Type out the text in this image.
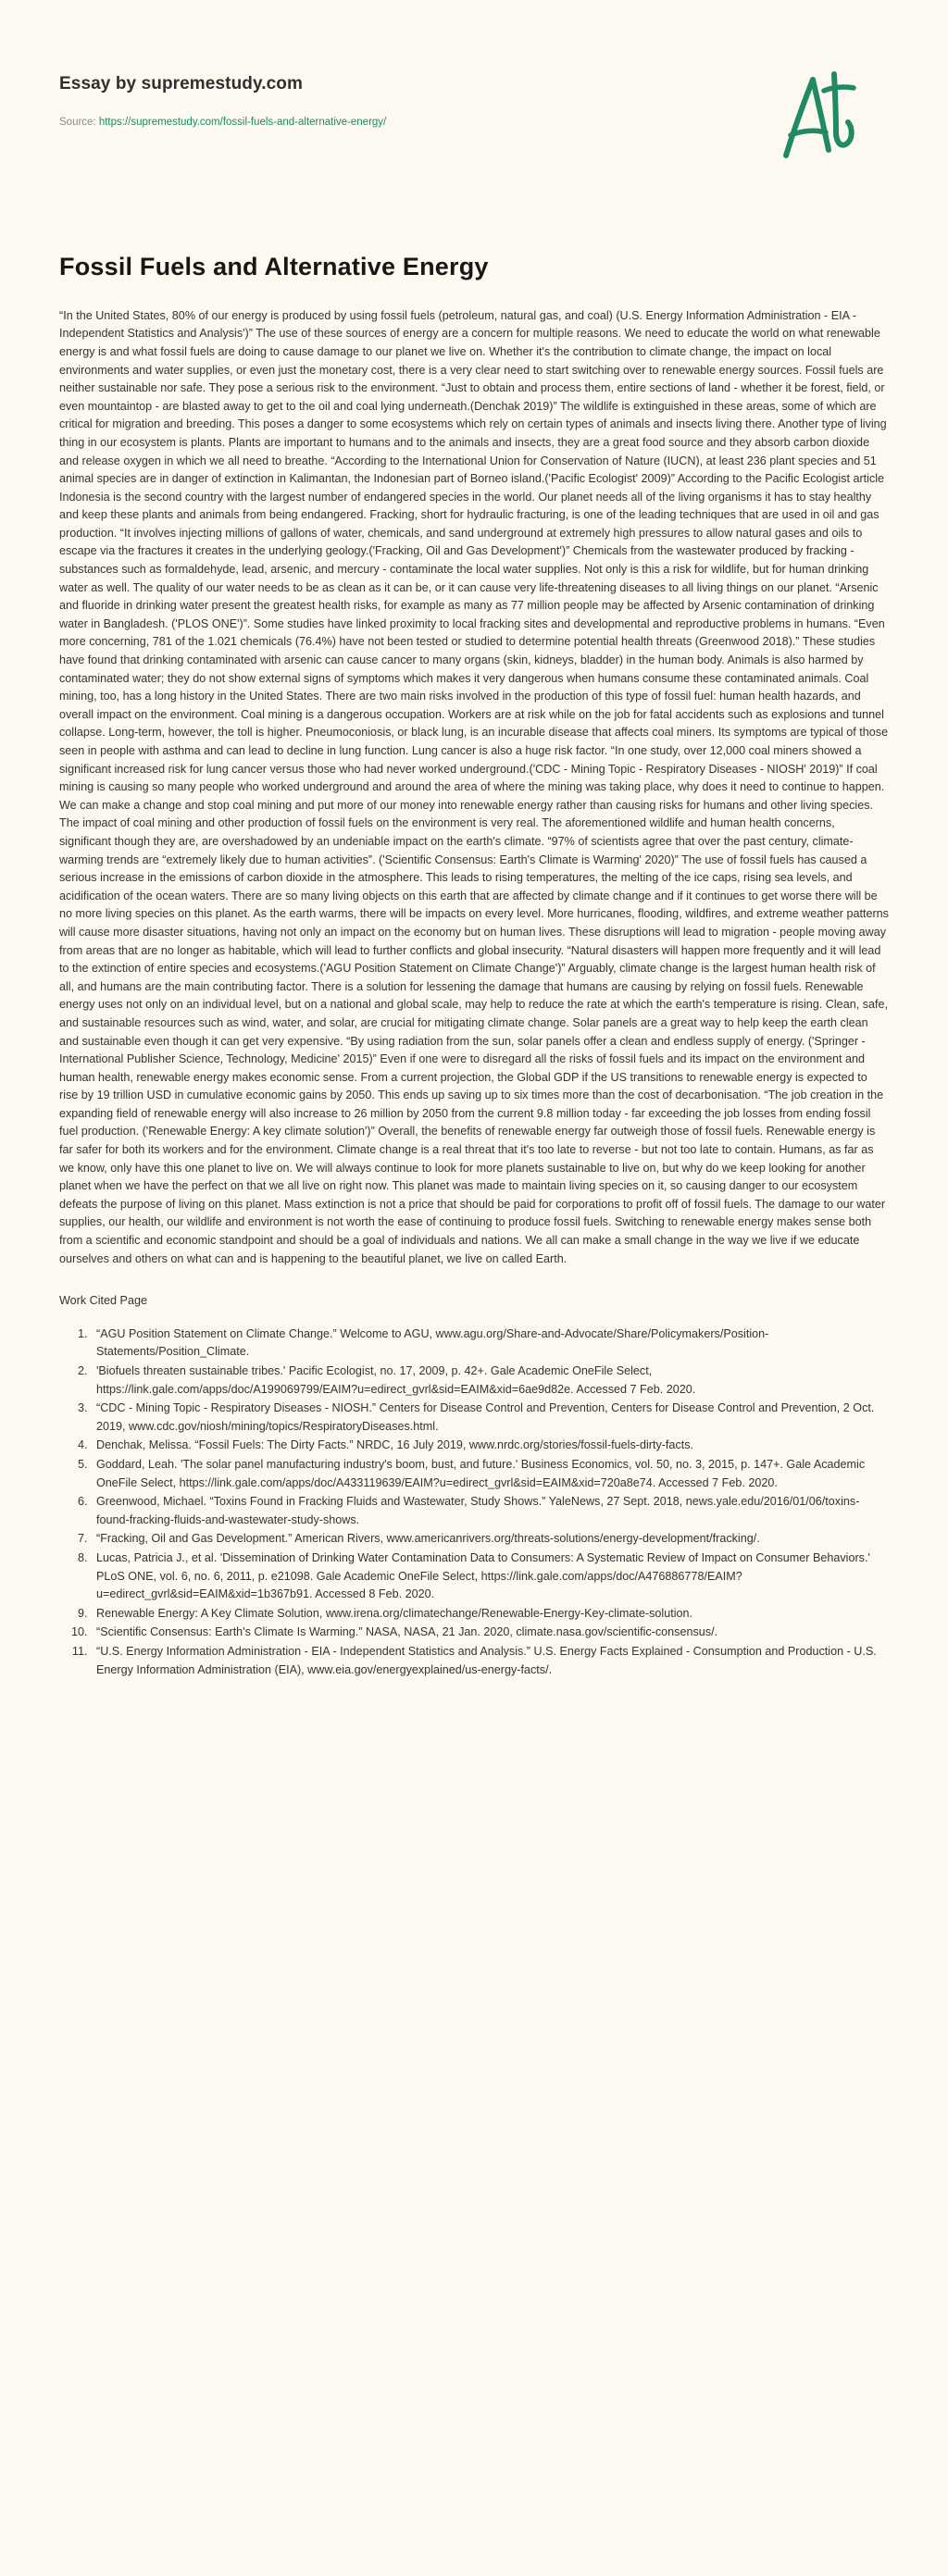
Essay by supremestudy.com
Source: https://supremestudy.com/fossil-fuels-and-alternative-energy/
Fossil Fuels and Alternative Energy

“In the United States, 80% of our energy is produced by using fossil fuels (petroleum, natural gas, and coal) (U.S. Energy Information Administration - EIA - Independent Statistics and Analysis')” The use of these sources of energy are a concern for multiple reasons. We need to educate the world on what renewable energy is and what fossil fuels are doing to cause damage to our planet we live on. Whether it's the contribution to climate change, the impact on local environments and water supplies, or even just the monetary cost, there is a very clear need to start switching over to renewable energy sources. Fossil fuels are neither sustainable nor safe. They pose a serious risk to the environment. “Just to obtain and process them, entire sections of land - whether it be forest, field, or even mountaintop - are blasted away to get to the oil and coal lying underneath.(Denchak 2019)” The wildlife is extinguished in these areas, some of which are critical for migration and breeding. This poses a danger to some ecosystems which rely on certain types of animals and insects living there. Another type of living thing in our ecosystem is plants. Plants are important to humans and to the animals and insects, they are a great food source and they absorb carbon dioxide and release oxygen in which we all need to breathe. “According to the International Union for Conservation of Nature (IUCN), at least 236 plant species and 51 animal species are in danger of extinction in Kalimantan, the Indonesian part of Borneo island.('Pacific Ecologist' 2009)” According to the Pacific Ecologist article Indonesia is the second country with the largest number of endangered species in the world. Our planet needs all of the living organisms it has to stay healthy and keep these plants and animals from being endangered. Fracking, short for hydraulic fracturing, is one of the leading techniques that are used in oil and gas production. “It involves injecting millions of gallons of water, chemicals, and sand underground at extremely high pressures to allow natural gases and oils to escape via the fractures it creates in the underlying geology.('Fracking, Oil and Gas Development')” Chemicals from the wastewater produced by fracking - substances such as formaldehyde, lead, arsenic, and mercury - contaminate the local water supplies. Not only is this a risk for wildlife, but for human drinking water as well. The quality of our water needs to be as clean as it can be, or it can cause very life-threatening diseases to all living things on our planet. “Arsenic and fluoride in drinking water present the greatest health risks, for example as many as 77 million people may be affected by Arsenic contamination of drinking water in Bangladesh. ('PLOS ONE')”. Some studies have linked proximity to local fracking sites and developmental and reproductive problems in humans. “Even more concerning, 781 of the 1.021 chemicals (76.4%) have not been tested or studied to determine potential health threats (Greenwood 2018).” These studies have found that drinking contaminated with arsenic can cause cancer to many organs (skin, kidneys, bladder) in the human body. Animals is also harmed by contaminated water; they do not show external signs of symptoms which makes it very dangerous when humans consume these contaminated animals. Coal mining, too, has a long history in the United States. There are two main risks involved in the production of this type of fossil fuel: human health hazards, and overall impact on the environment. Coal mining is a dangerous occupation. Workers are at risk while on the job for fatal accidents such as explosions and tunnel collapse. Long-term, however, the toll is higher. Pneumoconiosis, or black lung, is an incurable disease that affects coal miners. Its symptoms are typical of those seen in people with asthma and can lead to decline in lung function. Lung cancer is also a huge risk factor. “In one study, over 12,000 coal miners showed a significant increased risk for lung cancer versus those who had never worked underground.('CDC - Mining Topic - Respiratory Diseases - NIOSH' 2019)” If coal mining is causing so many people who worked underground and around the area of where the mining was taking place, why does it need to continue to happen. We can make a change and stop coal mining and put more of our money into renewable energy rather than causing risks for humans and other living species. The impact of coal mining and other production of fossil fuels on the environment is very real. The aforementioned wildlife and human health concerns, significant though they are, are overshadowed by an undeniable impact on the earth's climate. “97% of scientists agree that over the past century, climate-warming trends are “extremely likely due to human activities”. ('Scientific Consensus: Earth's Climate is Warming' 2020)” The use of fossil fuels has caused a serious increase in the emissions of carbon dioxide in the atmosphere. This leads to rising temperatures, the melting of the ice caps, rising sea levels, and acidification of the ocean waters. There are so many living objects on this earth that are affected by climate change and if it continues to get worse there will be no more living species on this planet. As the earth warms, there will be impacts on every level. More hurricanes, flooding, wildfires, and extreme weather patterns will cause more disaster situations, having not only an impact on the economy but on human lives. These disruptions will lead to migration - people moving away from areas that are no longer as habitable, which will lead to further conflicts and global insecurity. “Natural disasters will happen more frequently and it will lead to the extinction of entire species and ecosystems.('AGU Position Statement on Climate Change')” Arguably, climate change is the largest human health risk of all, and humans are the main contributing factor. There is a solution for lessening the damage that humans are causing by relying on fossil fuels. Renewable energy uses not only on an individual level, but on a national and global scale, may help to reduce the rate at which the earth's temperature is rising. Clean, safe, and sustainable resources such as wind, water, and solar, are crucial for mitigating climate change. Solar panels are a great way to help keep the earth clean and sustainable even though it can get very expensive. “By using radiation from the sun, solar panels offer a clean and endless supply of energy. ('Springer - International Publisher Science, Technology, Medicine' 2015)” Even if one were to disregard all the risks of fossil fuels and its impact on the environment and human health, renewable energy makes economic sense. From a current projection, the Global GDP if the US transitions to renewable energy is expected to rise by 19 trillion USD in cumulative economic gains by 2050. This ends up saving up to six times more than the cost of decarbonisation. “The job creation in the expanding field of renewable energy will also increase to 26 million by 2050 from the current 9.8 million today - far exceeding the job losses from ending fossil fuel production. ('Renewable Energy: A key climate solution')” Overall, the benefits of renewable energy far outweigh those of fossil fuels. Renewable energy is far safer for both its workers and for the environment. Climate change is a real threat that it's too late to reverse - but not too late to contain. Humans, as far as we know, only have this one planet to live on. We will always continue to look for more planets sustainable to live on, but why do we keep looking for another planet when we have the perfect on that we all live on right now. This planet was made to maintain living species on it, so causing danger to our ecosystem defeats the purpose of living on this planet. Mass extinction is not a price that should be paid for corporations to profit off of fossil fuels. The damage to our water supplies, our health, our wildlife and environment is not worth the ease of continuing to produce fossil fuels. Switching to renewable energy makes sense both from a scientific and economic standpoint and should be a goal of individuals and nations. We all can make a small change in the way we live if we educate ourselves and others on what can and is happening to the beautiful planet, we live on called Earth.

Work Cited Page
1. “AGU Position Statement on Climate Change.” Welcome to AGU, www.agu.org/Share-and-Advocate/Share/Policymakers/Position-Statements/Position_Climate.
2. 'Biofuels threaten sustainable tribes.' Pacific Ecologist, no. 17, 2009, p. 42+. Gale Academic OneFile Select, https://link.gale.com/apps/doc/A199069799/EAIM?u=edirect_gvrl&sid=EAIM&xid=6ae9d82e. Accessed 7 Feb. 2020.
3. “CDC - Mining Topic - Respiratory Diseases - NIOSH.” Centers for Disease Control and Prevention, Centers for Disease Control and Prevention, 2 Oct. 2019, www.cdc.gov/niosh/mining/topics/RespiratoryDiseases.html.
4. Denchak, Melissa. “Fossil Fuels: The Dirty Facts.” NRDC, 16 July 2019, www.nrdc.org/stories/fossil-fuels-dirty-facts.
5. Goddard, Leah. 'The solar panel manufacturing industry's boom, bust, and future.' Business Economics, vol. 50, no. 3, 2015, p. 147+. Gale Academic OneFile Select, https://link.gale.com/apps/doc/A433119639/EAIM?u=edirect_gvrl&sid=EAIM&xid=720a8e74. Accessed 7 Feb. 2020.
6. Greenwood, Michael. “Toxins Found in Fracking Fluids and Wastewater, Study Shows.” YaleNews, 27 Sept. 2018, news.yale.edu/2016/01/06/toxins-found-fracking-fluids-and-wastewater-study-shows.
7. “Fracking, Oil and Gas Development.” American Rivers, www.americanrivers.org/threats-solutions/energy-development/fracking/.
8. Lucas, Patricia J., et al. 'Dissemination of Drinking Water Contamination Data to Consumers: A Systematic Review of Impact on Consumer Behaviors.' PLoS ONE, vol. 6, no. 6, 2011, p. e21098. Gale Academic OneFile Select, https://link.gale.com/apps/doc/A476886778/EAIM?u=edirect_gvrl&sid=EAIM&xid=1b367b91. Accessed 8 Feb. 2020.
9. Renewable Energy: A Key Climate Solution, www.irena.org/climatechange/Renewable-Energy-Key-climate-solution.
10. “Scientific Consensus: Earth's Climate Is Warming.” NASA, NASA, 21 Jan. 2020, climate.nasa.gov/scientific-consensus/.
11. “U.S. Energy Information Administration - EIA - Independent Statistics and Analysis.” U.S. Energy Facts Explained - Consumption and Production - U.S. Energy Information Administration (EIA), www.eia.gov/energyexplained/us-energy-facts/.
